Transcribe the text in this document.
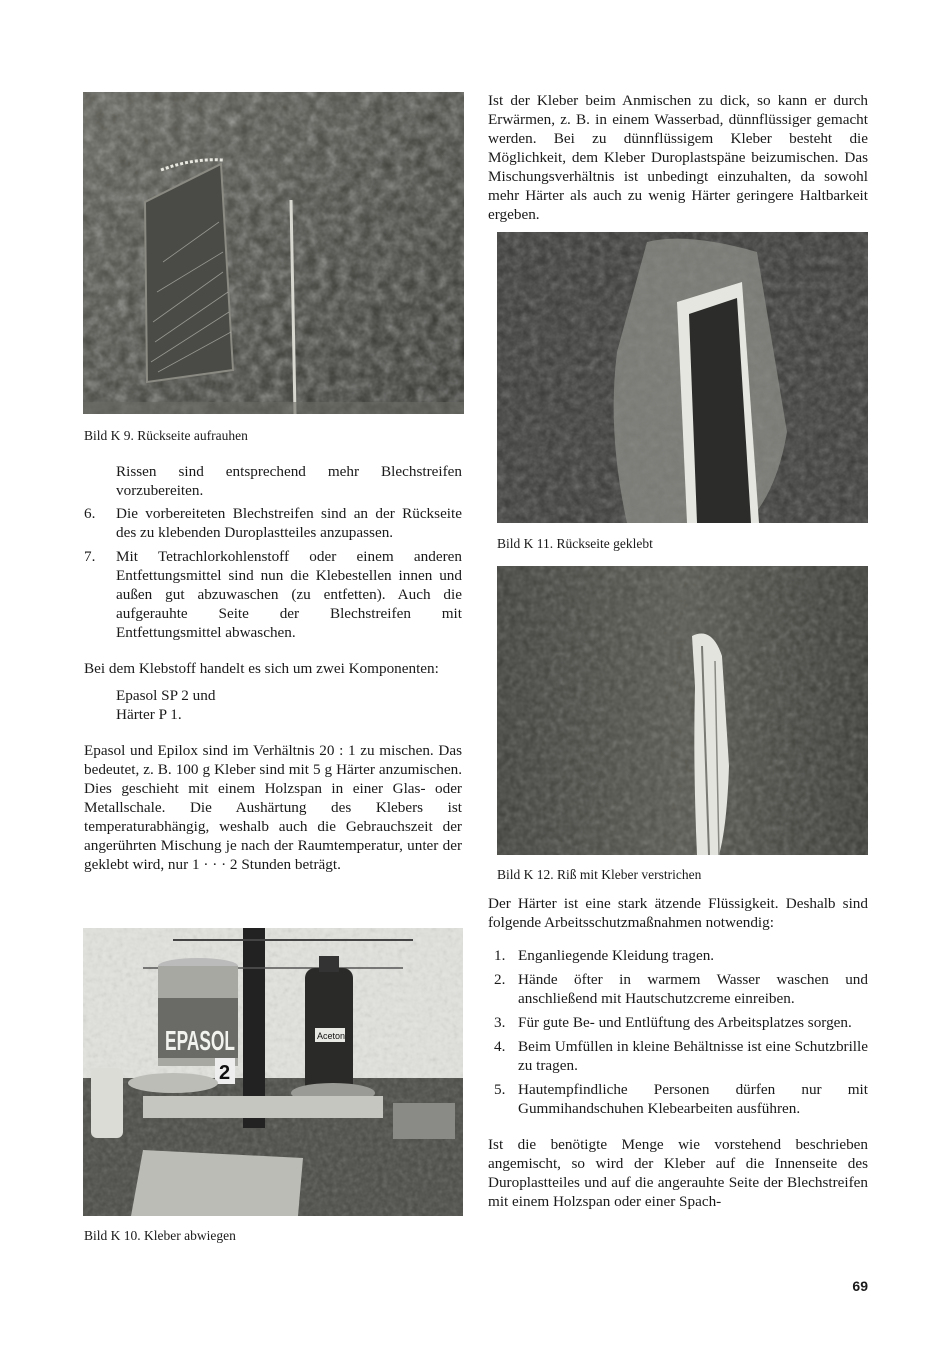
Bild K 9. Rückseite aufrauhen
Rissen sind entsprechend mehr Blechstreifen vorzubereiten.
6.	Die vorbereiteten Blechstreifen sind an der Rückseite des zu klebenden Duroplastteiles anzupassen.
7.	Mit Tetrachlorkohlenstoff oder einem anderen Entfettungsmittel sind nun die Klebestellen innen und außen gut abzuwaschen (zu entfetten). Auch die aufgerauhte Seite der Blechstreifen mit Entfettungsmittel abwaschen.
Bei dem Klebstoff handelt es sich um zwei Komponenten:
Epasol SP 2 und
Härter P 1.
Epasol und Epilox sind im Verhältnis 20 : 1 zu mischen. Das bedeutet, z. B. 100 g Kleber sind mit 5 g Härter anzumischen. Dies geschieht mit einem Holzspan in einer Glas- oder Metallschale. Die Aushärtung des Klebers ist temperaturabhängig, weshalb auch die Gebrauchszeit der angerührten Mischung je nach der Raumtemperatur, unter der geklebt wird, nur 1 · · · 2 Stunden beträgt.
EPASOL
2
Aceton
Bild K 10. Kleber abwiegen
Ist der Kleber beim Anmischen zu dick, so kann er durch Erwärmen, z. B. in einem Wasserbad, dünnflüssiger gemacht werden. Bei zu dünnflüssigem Kleber besteht die Möglichkeit, dem Kleber Duroplastspäne beizumischen. Das Mischungsverhältnis ist unbedingt einzuhalten, da sowohl mehr Härter als auch zu wenig Härter geringere Haltbarkeit ergeben.
Bild K 11. Rückseite geklebt
Bild K 12. Riß mit Kleber verstrichen
Der Härter ist eine stark ätzende Flüssigkeit. Deshalb sind folgende Arbeitsschutzmaßnahmen notwendig:
1. Enganliegende Kleidung tragen.
2. Hände öfter in warmem Wasser waschen und anschließend mit Hautschutzcreme einreiben.
3. Für gute Be- und Entlüftung des Arbeitsplatzes sorgen.
4. Beim Umfüllen in kleine Behältnisse ist eine Schutzbrille zu tragen.
5. Hautempfindliche Personen dürfen nur mit Gummihandschuhen Klebearbeiten ausführen.
Ist die benötigte Menge wie vorstehend beschrieben angemischt, so wird der Kleber auf die Innenseite des Duroplastteiles und auf die angerauhte Seite der Blechstreifen mit einem Holzspan oder einer Spach-
69
